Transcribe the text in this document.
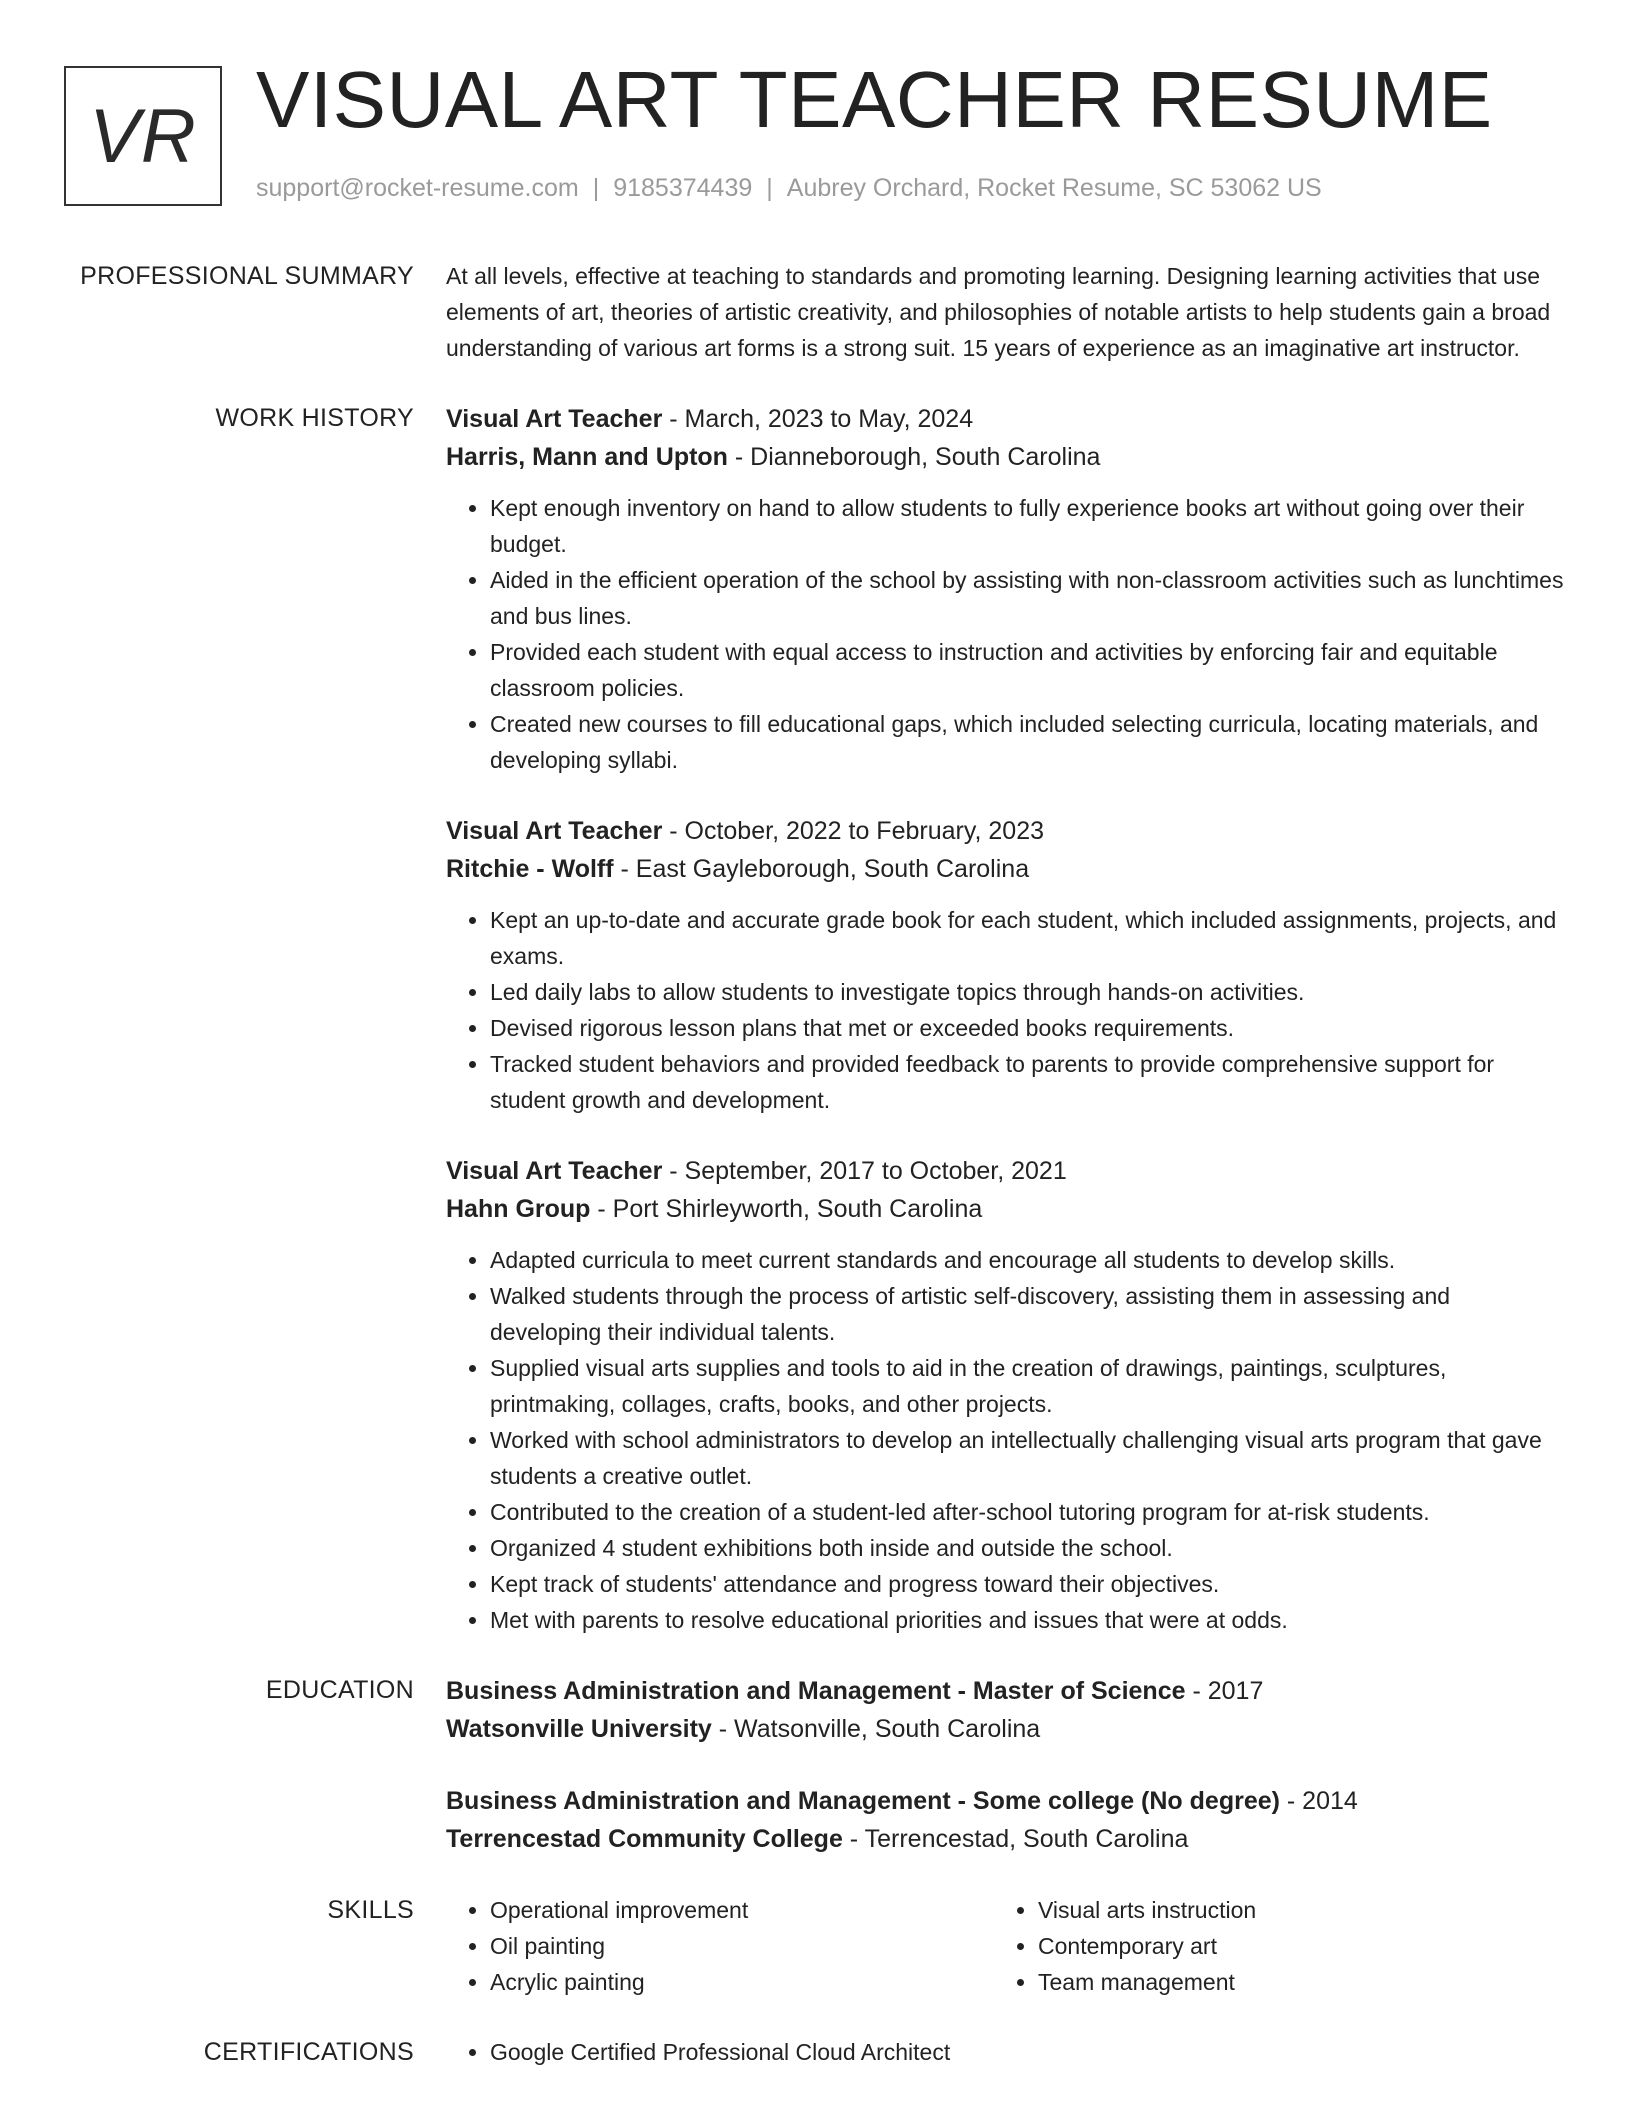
VR VISUAL ART TEACHER RESUME
support@rocket-resume.com | 9185374439 | Aubrey Orchard, Rocket Resume, SC 53062 US
PROFESSIONAL SUMMARY At all levels, effective at teaching to standards and promoting learning. Designing learning activities that use elements of art, theories of artistic creativity, and philosophies of notable artists to help students gain a broad understanding of various art forms is a strong suit. 15 years of experience as an imaginative art instructor.

WORK HISTORY Visual Art Teacher - March, 2023 to May, 2024
Harris, Mann and Upton - Dianneborough, South Carolina
• Kept enough inventory on hand to allow students to fully experience books art without going over their budget.
• Aided in the efficient operation of the school by assisting with non-classroom activities such as lunchtimes and bus lines.
• Provided each student with equal access to instruction and activities by enforcing fair and equitable classroom policies.
• Created new courses to fill educational gaps, which included selecting curricula, locating materials, and developing syllabi.
Visual Art Teacher - October, 2022 to February, 2023
Ritchie - Wolff - East Gayleborough, South Carolina
• Kept an up-to-date and accurate grade book for each student, which included assignments, projects, and exams.
• Led daily labs to allow students to investigate topics through hands-on activities.
• Devised rigorous lesson plans that met or exceeded books requirements.
• Tracked student behaviors and provided feedback to parents to provide comprehensive support for student growth and development.
Visual Art Teacher - September, 2017 to October, 2021
Hahn Group - Port Shirleyworth, South Carolina
• Adapted curricula to meet current standards and encourage all students to develop skills.
• Walked students through the process of artistic self-discovery, assisting them in assessing and developing their individual talents.
• Supplied visual arts supplies and tools to aid in the creation of drawings, paintings, sculptures, printmaking, collages, crafts, books, and other projects.
• Worked with school administrators to develop an intellectually challenging visual arts program that gave students a creative outlet.
• Contributed to the creation of a student-led after-school tutoring program for at-risk students.
• Organized 4 student exhibitions both inside and outside the school.
• Kept track of students' attendance and progress toward their objectives.
• Met with parents to resolve educational priorities and issues that were at odds.
EDUCATION Business Administration and Management - Master of Science - 2017
Watsonville University - Watsonville, South Carolina
Business Administration and Management - Some college (No degree) - 2014
Terrencestad Community College - Terrencestad, South Carolina
SKILLS	• Operational improvement
• Oil painting
• Acrylic painting
• Visual arts instruction
• Contemporary art
• Team management
CERTIFICATIONS	• Google Certified Professional Cloud Architect
